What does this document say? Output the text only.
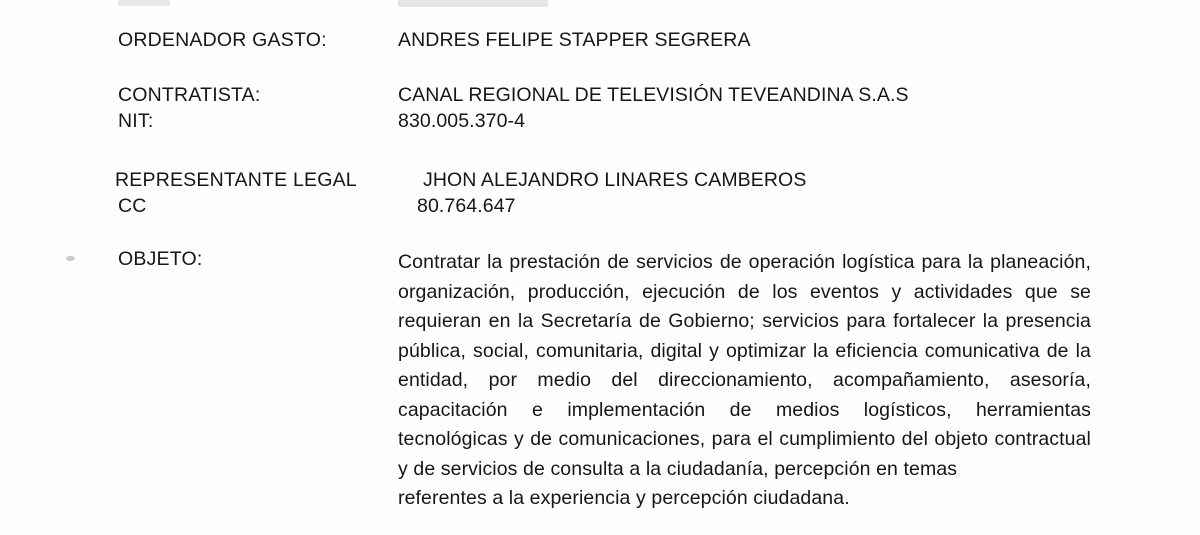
ORDENADOR GASTO:	ANDRES FELIPE STAPPER SEGRERA
CONTRATISTA:	CANAL REGIONAL DE TELEVISIÓN TEVEANDINA S.A.S
NIT:	830.005.370-4
REPRESENTANTE LEGAL	JHON ALEJANDRO LINARES CAMBEROS
CC	80.764.647
OBJETO:	Contratar la prestación de servicios de operación logística para la planeación, organización, producción, ejecución de los eventos y actividades que se requieran en la Secretaría de Gobierno; servicios para fortalecer la presencia pública, social, comunitaria, digital y optimizar la eficiencia comunicativa de la entidad, por medio del direccionamiento, acompañamiento, asesoría, capacitación e implementación de medios logísticos, herramientas tecnológicas y de comunicaciones, para el cumplimiento del objeto contractual y de servicios de consulta a la ciudadanía, percepción en temas
referentes a la experiencia y percepción ciudadana.
